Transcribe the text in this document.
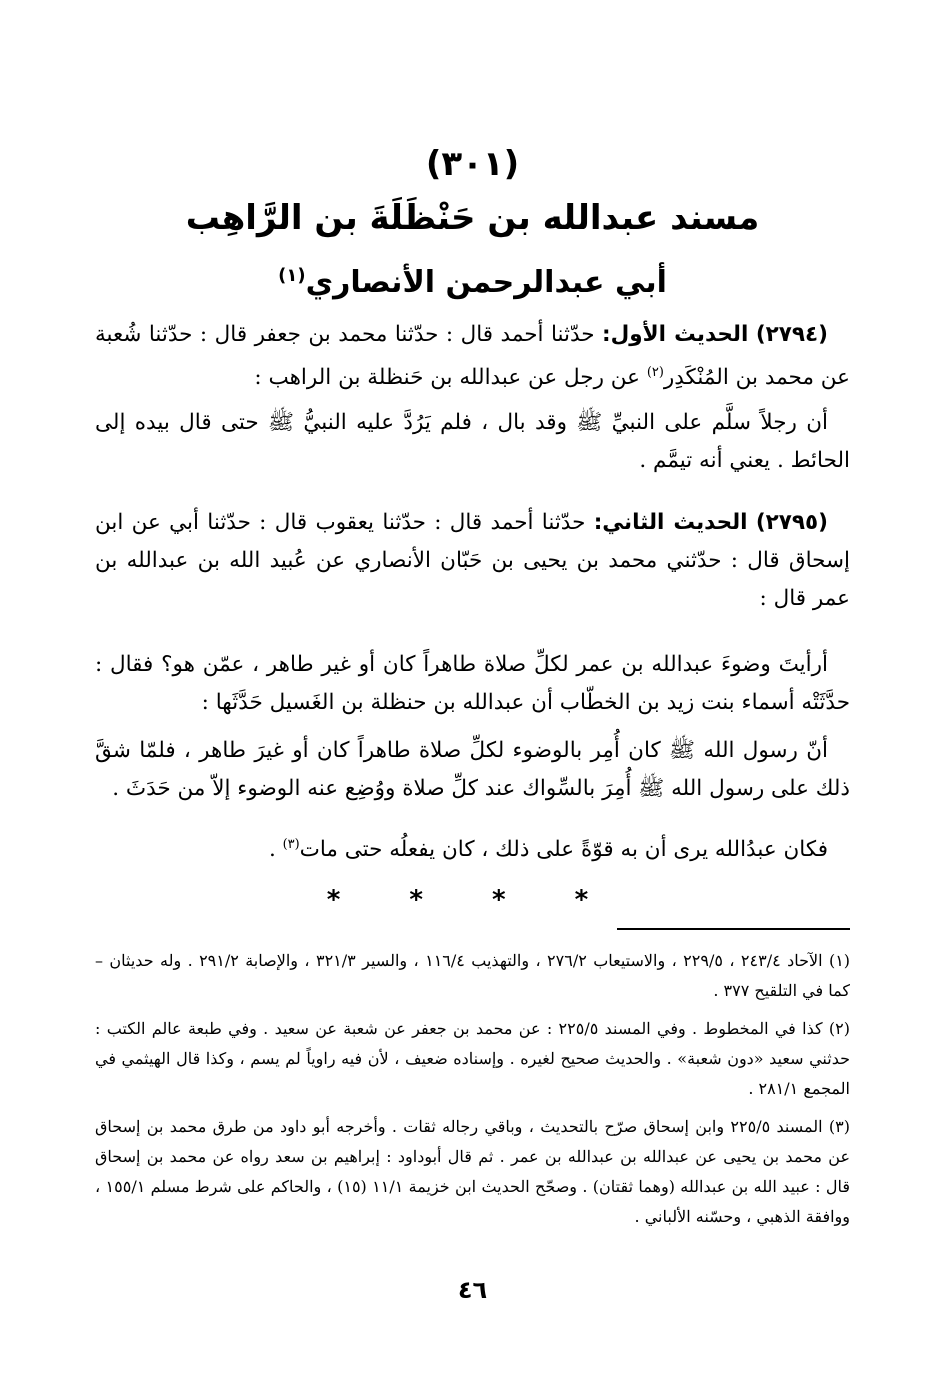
(٣٠١)
مسند عبدالله بن حَنْظَلَةَ بن الرَّاهِب
أبي عبدالرحمن الأنصاري$^{(١)}$
(٢٧٩٤) الحديث الأول: حدّثنا أحمد قال : حدّثنا محمد بن جعفر قال : حدّثنا شُعبة عن محمد بن المُنْكَدِر$^{(٢)}$ عن رجل عن عبدالله بن حَنظلة بن الراهب :
أن رجلاً سلَّم على النبيِّ ﷺ وقد بال ، فلم يَرُدَّ عليه النبيُّ ﷺ حتى قال بيده إلى الحائط . يعني أنه تيمَّم .
(٢٧٩٥) الحديث الثاني: حدّثنا أحمد قال : حدّثنا يعقوب قال : حدّثنا أبي عن ابن إسحاق قال : حدّثني محمد بن يحيى بن حَبّان الأنصاري عن عُبيد الله بن عبدالله بن عمر قال :
أرأيتَ وضوءَ عبدالله بن عمر لكلِّ صلاة طاهراً كان أو غير طاهر ، عمّن هو؟ فقال : حدَّثَتْه أسماء بنت زيد بن الخطّاب أن عبدالله بن حنظلة بن الغَسيل حَدَّثَها :
أنّ رسول الله ﷺ كان أُمِر بالوضوء لكلِّ صلاة طاهراً كان أو غيرَ طاهر ، فلمّا شقَّ ذلك على رسول الله ﷺ أُمِرَ بالسِّواك عند كلِّ صلاة ووُضِع عنه الوضوء إلاّ من حَدَثَ .
فكان عبدُالله يرى أن به قوّةً على ذلك ، كان يفعلُه حتى مات$^{(٣)}$ .
* * * *

(١) الآحاد ٢٤٣/٤ ، ٢٢٩/٥ ، والاستيعاب ٢٧٦/٢ ، والتهذيب ١١٦/٤ ، والسير ٣٢١/٣ ، والإصابة ٢٩١/٢ . وله حديثان – كما في التلقيح ٣٧٧ .

(٢) كذا في المخطوط . وفي المسند ٢٢٥/٥ : عن محمد بن جعفر عن شعبة عن سعيد . وفي طبعة عالم الكتب : حدثني سعيد «دون شعبة» . والحديث صحيح لغيره . وإسناده ضعيف ، لأن فيه راوياً لم يسم ، وكذا قال الهيثمي في المجمع ٢٨١/١ .

(٣) المسند ٢٢٥/٥ وابن إسحاق صرّح بالتحديث ، وباقي رجاله ثقات . وأخرجه أبو داود من طرق محمد بن إسحاق عن محمد بن يحيى عن عبدالله بن عبدالله بن عمر . ثم قال أبوداود : إبراهيم بن سعد رواه عن محمد بن إسحاق قال : عبيد الله بن عبدالله (وهما ثقتان) . وصحّح الحديث ابن خزيمة ١١/١ (١٥) ، والحاكم على شرط مسلم ١٥٥/١ ، ووافقة الذهبي ، وحسّنه الألباني .

٤٦
